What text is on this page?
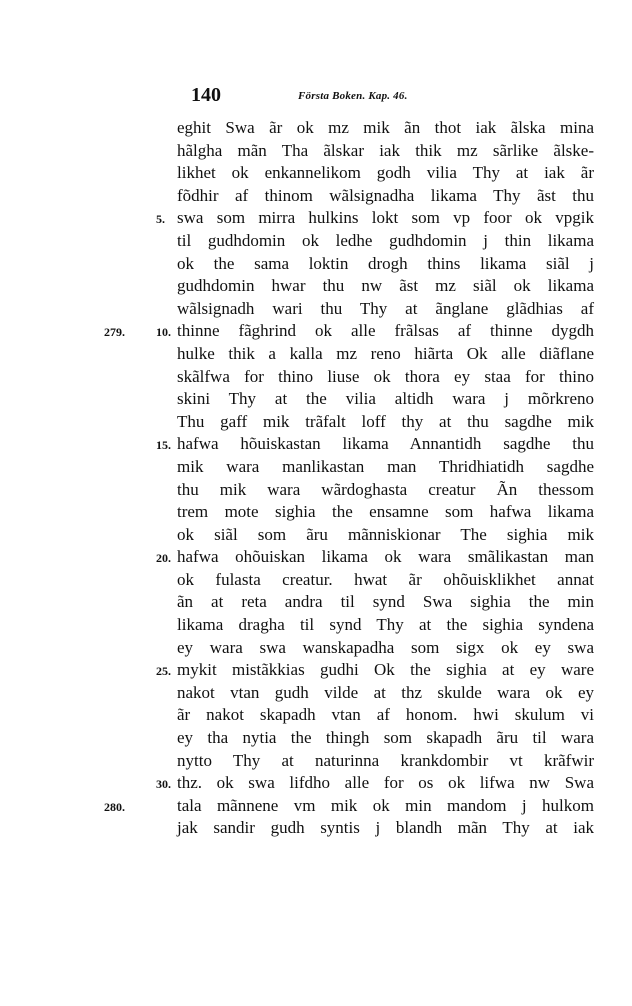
140	Första Boken. Kap. 46.
eghit Swa ãr ok mz mik ãn thot iak ãlska mina
hãlgha mãn Tha ãlskar iak thik mz sãrlike ãlske-
likhet ok enkannelikom godh vilia Thy at iak ãr
fõdhir af thinom wãlsignadha likama Thy ãst thu
5. swa som mirra hulkins lokt som vp foor ok vpgik
til gudhdomin ok ledhe gudhdomin j thin likama
ok the sama loktin drogh thins likama siãl j
gudhdomin hwar thu nw ãst mz siãl ok likama
wãlsignadh wari thu Thy at ãnglane glãdhias af
279.	10. thinne fãghrind ok alle frãlsas af thinne dygdh
hulke thik a kalla mz reno hiãrta Ok alle diãflane
skãlfwa for thino liuse ok thora ey staa for thino
skini Thy at the vilia altidh wara j mõrkreno
Thu gaff mik trãfalt loff thy at thu sagdhe mik
15. hafwa hõuiskastan likama Annantidh sagdhe thu
mik wara manlikastan man Thridhiatidh sagdhe
thu mik wara wãrdoghasta creatur Ãn thessom
trem mote sighia the ensamne som hafwa likama
ok siãl som ãru mãnniskionar The sighia mik
20. hafwa ohõuiskan likama ok wara smãlikastan man
ok fulasta creatur. hwat ãr ohõuisklikhet annat
ãn at reta andra til synd Swa sighia the min
likama dragha til synd Thy at the sighia syndena
ey wara swa wanskapadha som sigx ok ey swa
25. mykit mistãkkias gudhi Ok the sighia at ey ware
nakot vtan gudh vilde at thz skulde wara ok ey
ãr nakot skapadh vtan af honom. hwi skulum vi
ey tha nytia the thingh som skapadh ãru til wara
nytto Thy at naturinna krankdombir vt krãfwir
30. thz. ok swa lifdho alle for os ok lifwa nw Swa
280.	tala mãnnene vm mik ok min mandom j hulkom
jak sandir gudh syntis j blandh mãn Thy at iak
